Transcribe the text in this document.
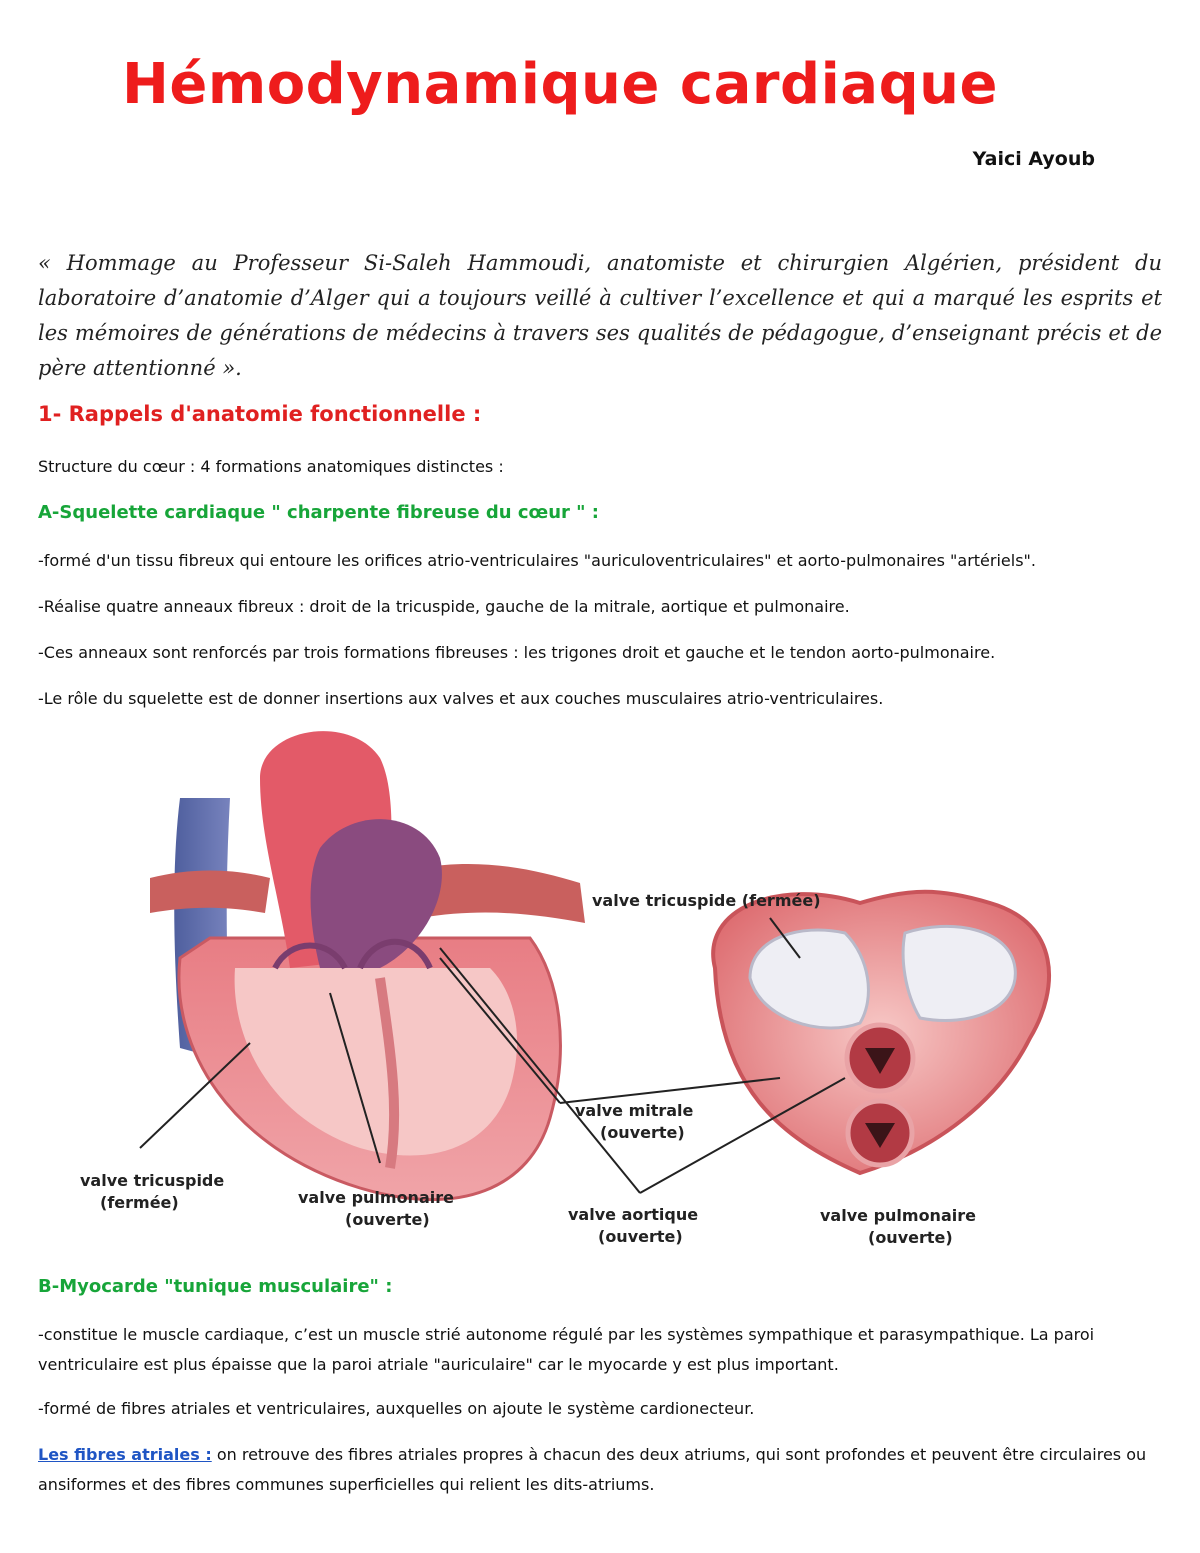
Hémodynamique cardiaque
Yaici Ayoub

« Hommage au Professeur Si-Saleh Hammoudi, anatomiste et chirurgien Algérien, président du laboratoire d’anatomie d’Alger qui a toujours veillé à cultiver l’excellence et qui a marqué les esprits et les mémoires de générations de médecins à travers ses qualités de pédagogue, d’enseignant précis et de père attentionné ».

1- Rappels d'anatomie fonctionnelle :

Structure du cœur : 4 formations anatomiques distinctes :

A-Squelette cardiaque " charpente fibreuse du cœur " :

-formé d'un tissu fibreux qui entoure les orifices atrio-ventriculaires "auriculoventriculaires" et aorto-pulmonaires "artériels".

-Réalise quatre anneaux fibreux : droit de la tricuspide, gauche de la mitrale, aortique et pulmonaire.

-Ces anneaux sont renforcés par trois formations fibreuses : les trigones droit et gauche et le tendon aorto-pulmonaire.

-Le rôle du squelette est de donner insertions aux valves et aux couches musculaires atrio-ventriculaires.

valve tricuspide
(fermée)	valve pulmonaire
(ouverte)	valve aortique
(ouverte)
valve mitrale
(ouverte)
valve tricuspide (fermée)
valve pulmonaire
(ouverte)
B-Myocarde "tunique musculaire" :

-constitue le muscle cardiaque, c’est un muscle strié autonome régulé par les systèmes sympathique et parasympathique. La paroi ventriculaire est plus épaisse que la paroi atriale "auriculaire" car le myocarde y est plus important.

-formé de fibres atriales et ventriculaires, auxquelles on ajoute le système cardionecteur.

Les fibres atriales : on retrouve des fibres atriales propres à chacun des deux atriums, qui sont profondes et peuvent être circulaires ou ansiformes et des fibres communes superficielles qui relient les dits-atriums.
